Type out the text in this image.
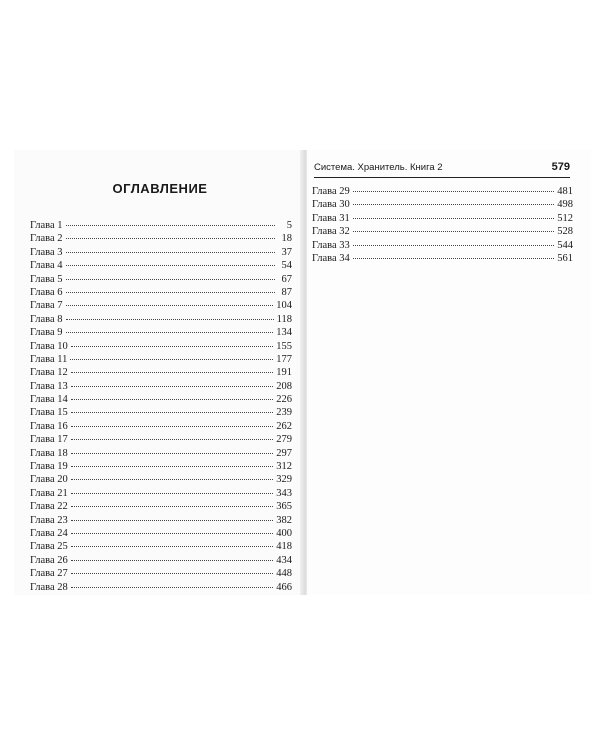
ОГЛАВЛЕНИЕ
Система. Хранитель. Книга 2	579
Глава 1	5
Глава 2	18
Глава 3	37
Глава 4	54
Глава 5	67
Глава 6	87
Глава 7	104
Глава 8	118
Глава 9	134
Глава 10	155
Глава 11	177
Глава 12	191
Глава 13	208
Глава 14	226
Глава 15	239
Глава 16	262
Глава 17	279
Глава 18	297
Глава 19	312
Глава 20	329
Глава 21	343
Глава 22	365
Глава 23	382
Глава 24	400
Глава 25	418
Глава 26	434
Глава 27	448
Глава 28	466
Глава 29	481
Глава 30	498
Глава 31	512
Глава 32	528
Глава 33	544
Глава 34	561
